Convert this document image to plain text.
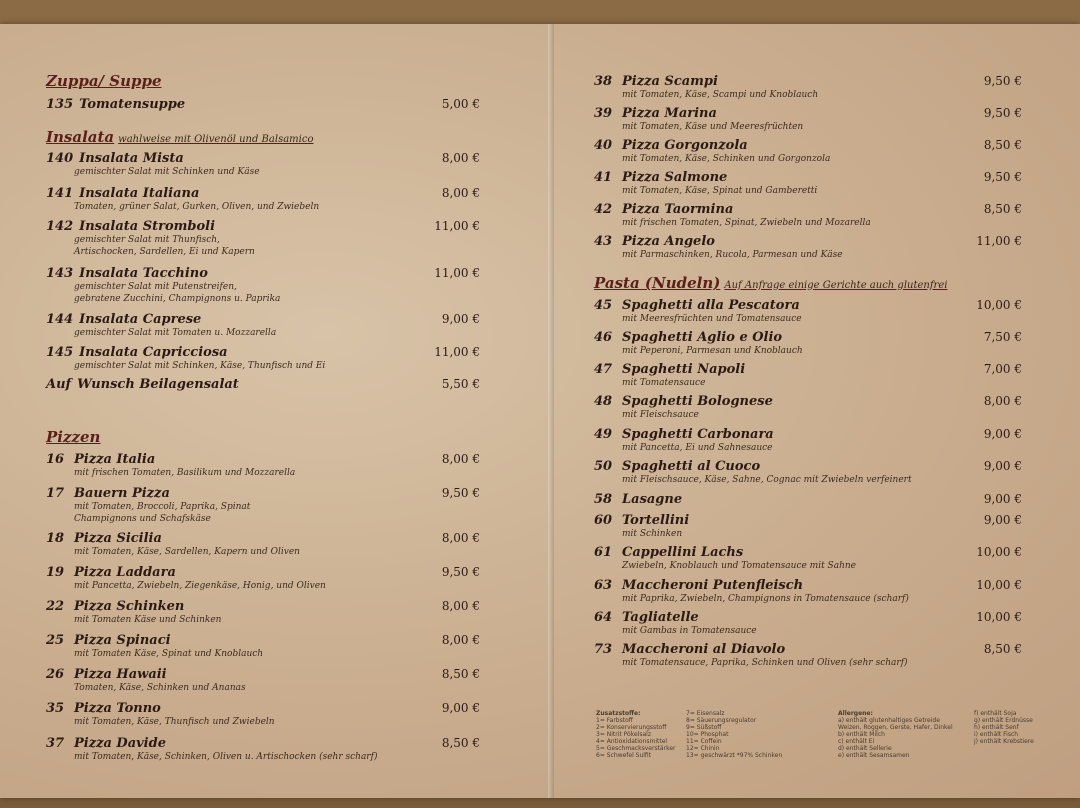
Zuppa/ Suppe
135 Tomatensuppe	5,00 €
Insalata wahlweise mit Olivenöl und Balsamico
140 Insalata Mista	8,00 €
gemischter Salat mit Schinken und Käse
141 Insalata Italiana	8,00 €
Tomaten, grüner Salat, Gurken, Oliven, und Zwiebeln
142 Insalata Stromboli	11,00 €
gemischter Salat mit Thunfisch,
Artischocken, Sardellen, Ei und Kapern
143 Insalata Tacchino	11,00 €
gemischter Salat mit Putenstreifen,
gebratene Zucchini, Champignons u. Paprika
144 Insalata Caprese	9,00 €
gemischter Salat mit Tomaten u. Mozzarella
145 Insalata Capricciosa	11,00 €
gemischter Salat mit Schinken, Käse, Thunfisch und Ei
Auf Wunsch Beilagensalat	5,50 €
Pizzen
16 Pizza Italia	8,00 €
mit frischen Tomaten, Basilikum und Mozzarella
17 Bauern Pizza	9,50 €
mit Tomaten, Broccoli, Paprika, Spinat
Champignons und Schafskäse
18 Pizza Sicilia	8,00 €
mit Tomaten, Käse, Sardellen, Kapern und Oliven
19 Pizza Laddara	9,50 €
mit Pancetta, Zwiebeln, Ziegenkäse, Honig, und Oliven
22 Pizza Schinken	8,00 €
mit Tomaten Käse und Schinken
25 Pizza Spinaci	8,00 €
mit Tomaten Käse, Spinat und Knoblauch
26 Pizza Hawaii	8,50 €
Tomaten, Käse, Schinken und Ananas
35 Pizza Tonno	9,00 €
mit Tomaten, Käse, Thunfisch und Zwiebeln
37 Pizza Davide	8,50 €
mit Tomaten, Käse, Schinken, Oliven u. Artischocken (sehr scharf)
38 Pizza Scampi	9,50 €
mit Tomaten, Käse, Scampi und Knoblauch
39 Pizza Marina	9,50 €
mit Tomaten, Käse und Meeresfrüchten
40 Pizza Gorgonzola	8,50 €
mit Tomaten, Käse, Schinken und Gorgonzola
41 Pizza Salmone	9,50 €
mit Tomaten, Käse, Spinat und Gamberetti
42 Pizza Taormina	8,50 €
mit frischen Tomaten, Spinat, Zwiebeln und Mozarella
43 Pizza Angelo	11,00 €
mit Parmaschinken, Rucola, Parmesan und Käse
Pasta (Nudeln) Auf Anfrage einige Gerichte auch glutenfrei
45 Spaghetti alla Pescatora	10,00 €
mit Meeresfrüchten und Tomatensauce
46 Spaghetti Aglio e Olio	7,50 €
mit Peperoni, Parmesan und Knoblauch
47 Spaghetti Napoli	7,00 €
mit Tomatensauce
48 Spaghetti Bolognese	8,00 €
mit Fleischsauce
49 Spaghetti Carbonara	9,00 €
mit Pancetta, Ei und Sahnesauce
50 Spaghetti al Cuoco	9,00 €
mit Fleischsauce, Käse, Sahne, Cognac mit Zwiebeln verfeinert
58 Lasagne	9,00 €
60 Tortellini	9,00 €
mit Schinken
61 Cappellini Lachs	10,00 €
Zwiebeln, Knoblauch und Tomatensauce mit Sahne
63 Maccheroni Putenfleisch	10,00 €
mit Paprika, Zwiebeln, Champignons in Tomatensauce (scharf)
64 Tagliatelle	10,00 €
mit Gambas in Tomatensauce
73 Maccheroni al Diavolo	8,50 €
mit Tomatensauce, Paprika, Schinken und Oliven (sehr scharf)
Zusatzstoffe:
1= Farbstoff
2= Konservierungsstoff
3= Nitrit Pökelsalz
4= Antioxidationsmittel
5= Geschmacksverstärker
6= Schwefel Sulfit
7= Eisensalz
8= Säuerungsregulator
9= Süßstoff
10= Phosphat
11= Coffein
12= Chinin
13= geschwärzt *97% Schinken
Allergene:
a) enthält glutenhaltiges Getreide
Weizen, Roggen, Gerste, Hafer, Dinkel
b) enthält Milch
c) enthält Ei
d) enthält Sellerie
e) enthält Sesamsamen
f) enthält Soja
g) enthält Erdnüsse
h) enthält Senf
i) enthält Fisch
j) enthält Krebstiere
